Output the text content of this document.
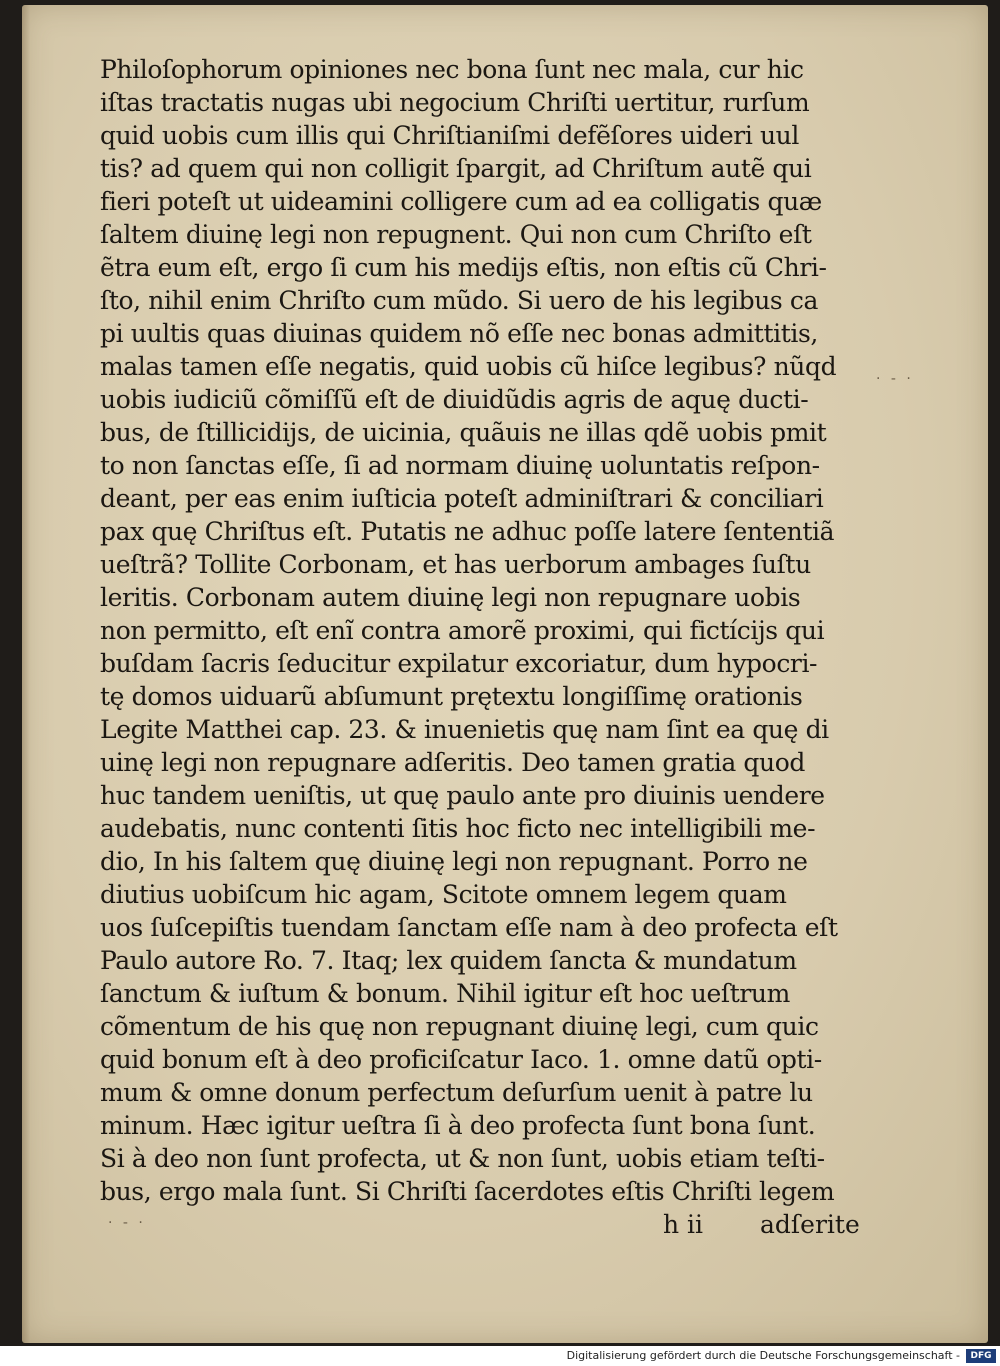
Philoſophorum opiniones nec bona ſunt nec mala, cur hic
iſtas tractatis nugas ubi negocium Chriſti uertitur, rurſum
quid uobis cum illis qui Chriſtianiſmi defẽſores uideri uul
tis? ad quem qui non colligit ſpargit, ad Chriſtum autẽ qui
fieri poteſt ut uideamini colligere cum ad ea colligatis quæ
ſaltem diuinę legi non repugnent. Qui non cum Chriſto eſt
ẽtra eum eſt, ergo ſi cum his medijs eſtis, non eſtis cũ Chri-
ſto, nihil enim Chriſto cum mũdo. Si uero de his legibus ca
pi uultis quas diuinas quidem nõ eſſe nec bonas admittitis,
malas tamen eſſe negatis, quid uobis cũ hiſce legibus? nũqd
uobis iudiciũ cõmiſſũ eſt de diuidũdis agris de aquę ducti-
bus, de ſtillicidijs, de uicinia, quãuis ne illas qdẽ uobis pmit
to non ſanctas eſſe, ſi ad normam diuinę uoluntatis reſpon-
deant, per eas enim iuſticia poteſt adminiſtrari & conciliari
pax quę Chriſtus eſt. Putatis ne adhuc poſſe latere ſententiã
ueſtrã? Tollite Corbonam, et has uerborum ambages ſuſtu
leritis. Corbonam autem diuinę legi non repugnare uobis
non permitto, eſt enĩ contra amorẽ proximi, qui fictícijs qui
buſdam ſacris ſeducitur expilatur excoriatur, dum hypocri-
tę domos uiduarũ abſumunt prętextu longiſſimę orationis
Legite Matthei cap. 23. & inuenietis quę nam ſint ea quę di
uinę legi non repugnare adſeritis. Deo tamen gratia quod
huc tandem ueniſtis, ut quę paulo ante pro diuinis uendere
audebatis, nunc contenti ſitis hoc ficto nec intelligibili me-
dio, In his ſaltem quę diuinę legi non repugnant. Porro ne
diutius uobiſcum hic agam, Scitote omnem legem quam
uos ſuſcepiſtis tuendam ſanctam eſſe nam à deo profecta eſt
Paulo autore Ro. 7. Itaq; lex quidem ſancta & mundatum
ſanctum & iuſtum & bonum. Nihil igitur eſt hoc ueſtrum
cõmentum de his quę non repugnant diuinę legi, cum quic
quid bonum eſt à deo proficiſcatur Iaco. 1. omne datũ opti-
mum & omne donum perfectum deſurſum uenit à patre lu
minum. Hæc igitur ueſtra ſi à deo profecta ſunt bona ſunt.
Si à deo non ſunt profecta, ut & non ſunt, uobis etiam teſti-
bus, ergo mala ſunt. Si Chriſti ſacerdotes eſtis Chriſti legem
· - ·
· - ·	h ii adſerite
Digitalisierung gefördert durch die Deutsche Forschungsgemeinschaft -	DFG
